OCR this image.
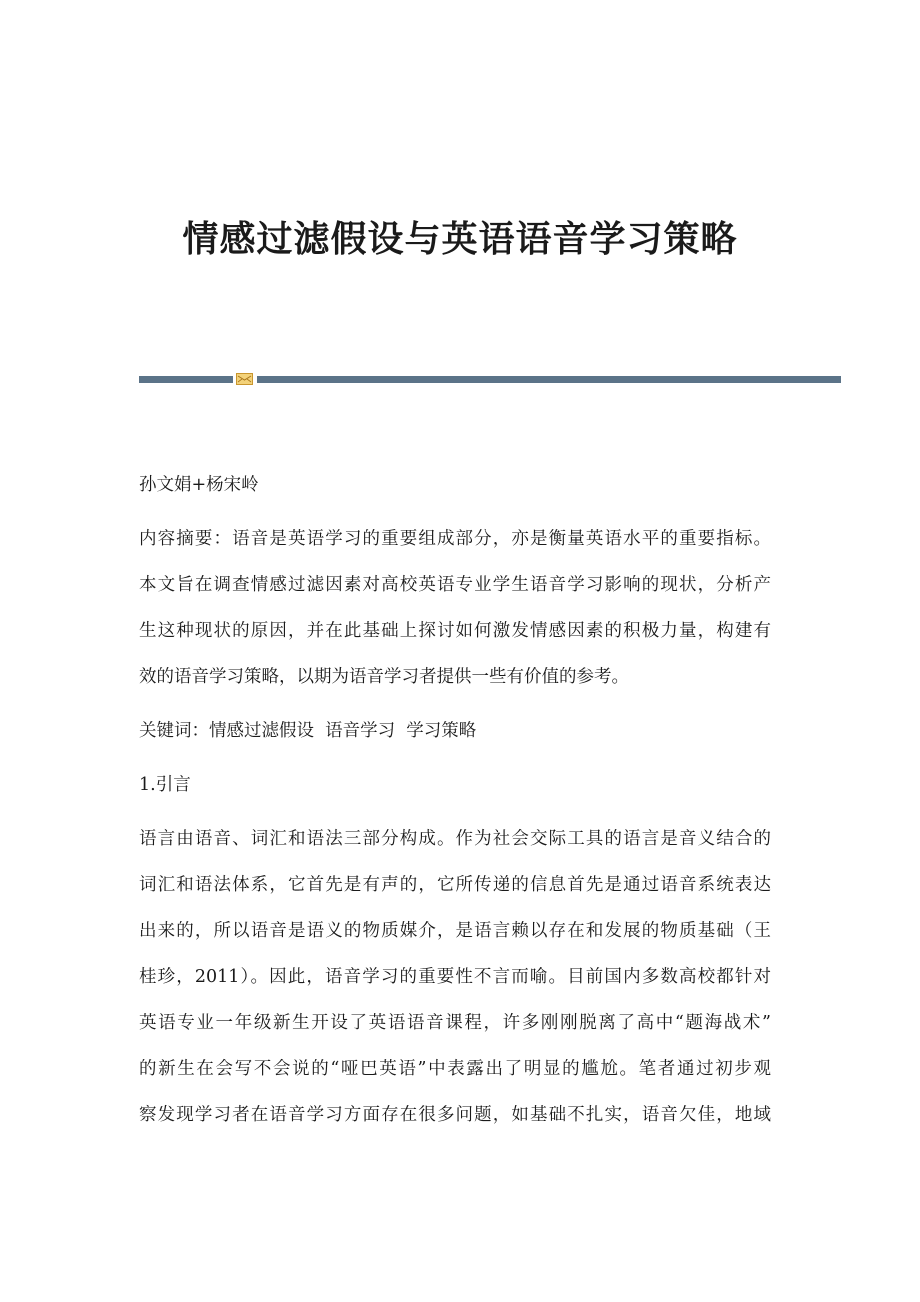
情感过滤假设与英语语音学习策略
孙文娟+杨宋岭
内容摘要：语音是英语学习的重要组成部分，亦是衡量英语水平的重要指标。
本文旨在调查情感过滤因素对高校英语专业学生语音学习影响的现状，分析产
生这种现状的原因，并在此基础上探讨如何激发情感因素的积极力量，构建有
效的语音学习策略，以期为语音学习者提供一些有价值的参考。
关键词：情感过滤假设  语音学习  学习策略
1.引言
语言由语音、词汇和语法三部分构成。作为社会交际工具的语言是音义结合的
词汇和语法体系，它首先是有声的，它所传递的信息首先是通过语音系统表达
出来的，所以语音是语义的物质媒介，是语言赖以存在和发展的物质基础（王
桂珍，2011）。因此，语音学习的重要性不言而喻。目前国内多数高校都针对
英语专业一年级新生开设了英语语音课程，许多刚刚脱离了高中“题海战术”
的新生在会写不会说的“哑巴英语”中表露出了明显的尴尬。笔者通过初步观
察发现学习者在语音学习方面存在很多问题，如基础不扎实，语音欠佳，地域
